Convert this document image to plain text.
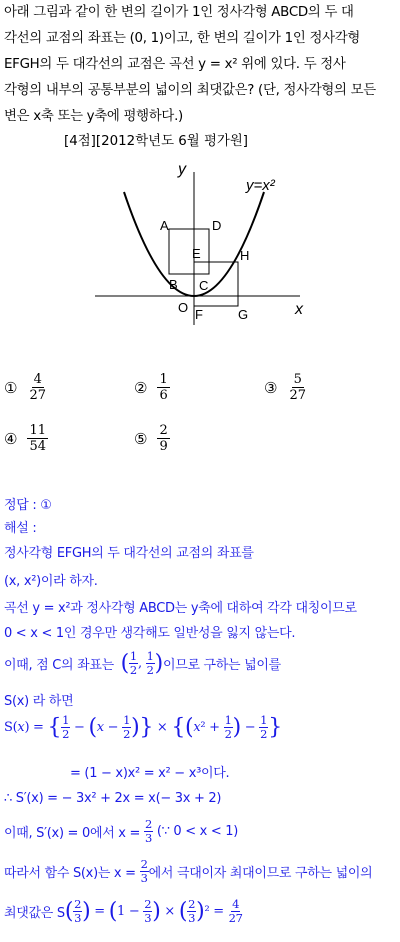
아래 그림과 같이 한 변의 길이가 1인 정사각형 ABCD의 두 대
각선의 교점의 좌표는 (0, 1)이고, 한 변의 길이가 1인 정사각형
EFGH의 두 대각선의 교점은 곡선 y = x² 위에 있다. 두 정사
각형의 내부의 공통부분의 넓이의 최댓값은? (단, 정사각형의 모든
변은 x축 또는 y축에 평행하다.)
[4점][2012학년도 6월 평가원]
y
x
y=x²
O
A	D
E	H
B C
F	G
① $\frac{4}{27}$	② $\frac{1}{6}$	③ $\frac{5}{27}$
④ $\frac{11}{54}$	⑤ $\frac{2}{9}$
정답 : ①
해설 :
정사각형 EFGH의 두 대각선의 교점의 좌표를
(x, x²)이라 하자.
곡선 y = x²과 정사각형 ABCD는 y축에 대하여 각각 대칭이므로
0 < x < 1인 경우만 생각해도 일반성을 잃지 않는다.
이때, 점 C의 좌표는 ( 1
2 , 1
2 ) 이므로 구하는 넓이를
S(x) 라 하면
S(x) = { 1
2 − ( $x - \frac{1}{2}$ )} × {( x $^2 + \frac{1}{2}$ ) − $\frac{1}{2}$ }
= (1 − x)x² = x² − x³이다.
∴ S′(x) = − 3x² + 2x = x(− 3x + 2)
이때, S′(x) = 0에서 x =
$\frac{2}{3}$
(∵ 0 < x < 1)
따라서 함수 S(x)는 x =
$\frac{2}{3}$ 에서 극대이자 최대이므로 구하는 넓이의
최댓값은 S ( 2
3 ) = ( $1 - \frac{2}{3}$ ) × ( 2
3 ) $^2 = \frac{4}{27}$
